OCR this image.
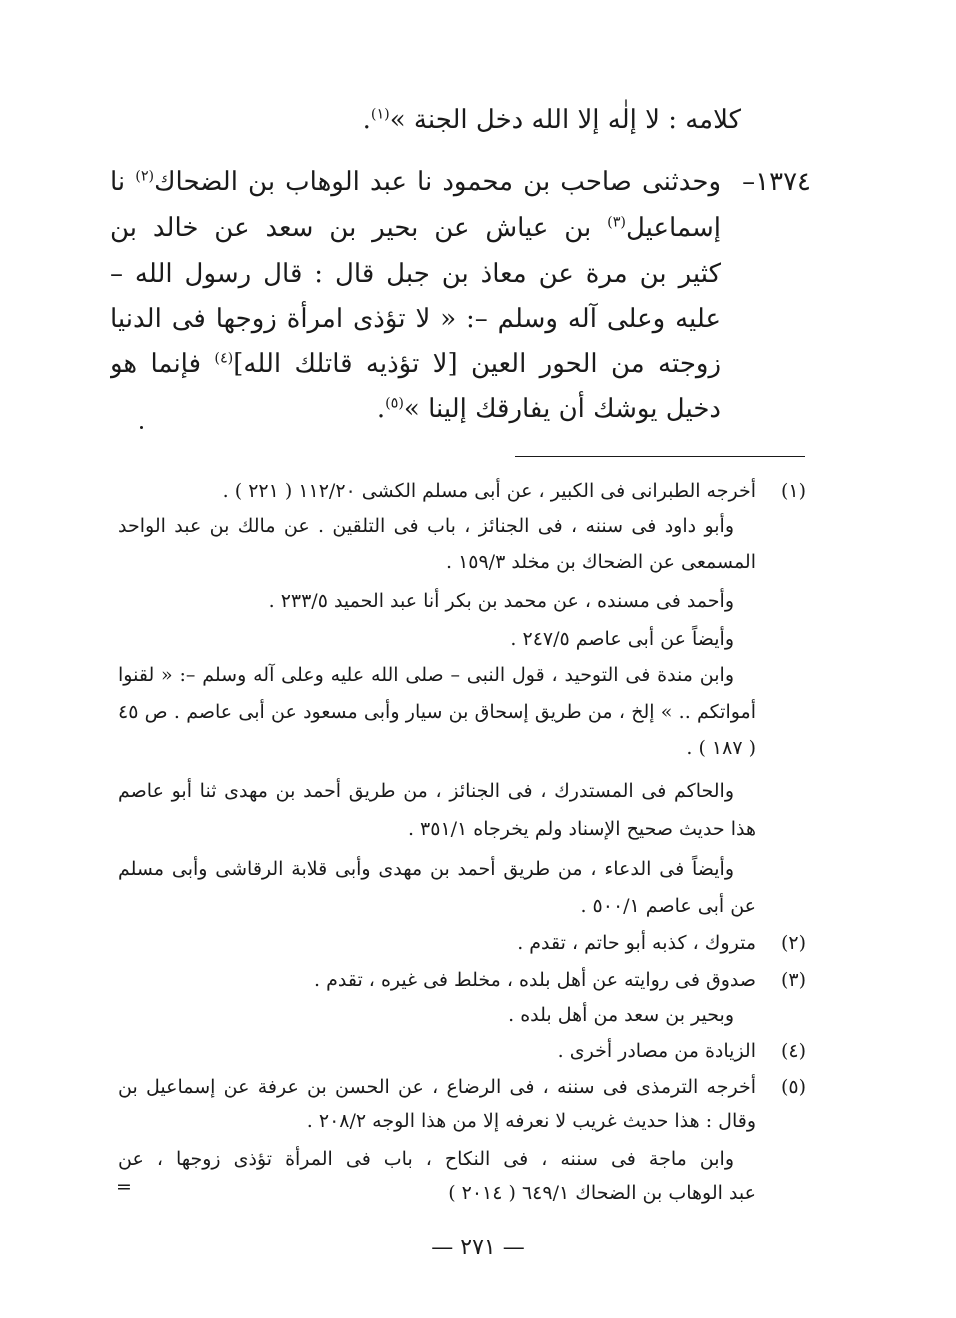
كلامه : لا إلٰه إلا الله دخل الجنة »$^{(١)}$.
١٣٧٤–
وحدثنى صاحب بن محمود نا عبد الوهاب بن الضحاك$^{(٢)}$ نا
إسماعيل$^{(٣)}$ بن عياش عن بحير بن سعد عن خالد بن
كثير بن مرة عن معاذ بن جبل قال : قال رسول الله –
عليه وعلى آله وسلم –: « لا تؤذى امرأة زوجها فى الدنيا
زوجته من الحور العين [لا تؤذيه قاتلك الله]$^{(٤)}$ فإنما هو
دخيل يوشك أن يفارقك إلينا »$^{(٥)}$.
(١)
أخرجه الطبرانى فى الكبير ، عن أبى مسلم الكشى ١١٢/٢٠ ( ٢٢١ ) .
وأبو داود فى سننه ، فى الجنائز ، باب فى التلقين . عن مالك بن عبد الواحد
المسمعى عن الضحاك بن مخلد ١٥٩/٣ .
وأحمد فى مسنده ، عن محمد بن بكر أنا عبد الحميد ٢٣٣/٥ .
وأيضاً عن أبى عاصم ٢٤٧/٥ .
وابن مندة فى التوحيد ، قول النبى – صلى الله عليه وعلى آله وسلم –: « لقنوا
أمواتكم .. » إلخ ، من طريق إسحاق بن سيار وأبى مسعود عن أبى عاصم . ص ٤٥
( ١٨٧ ) .
والحاكم فى المستدرك ، فى الجنائز ، من طريق أحمد بن مهدى ثنا أبو عاصم
هذا حديث صحيح الإسناد ولم يخرجاه ٣٥١/١ .
وأيضاً فى الدعاء ، من طريق أحمد بن مهدى وأبى قلابة الرقاشى وأبى مسلم
عن أبى عاصم ٥٠٠/١ .
(٢)
متروك ، كذبه أبو حاتم ، تقدم .
(٣)
صدوق فى روايته عن أهل بلده ، مخلط فى غيره ، تقدم .
وبحير بن سعد من أهل بلده .
(٤)
الزيادة من مصادر أخرى .
(٥)
أخرجه الترمذى فى سننه ، فى الرضاع ، عن الحسن بن عرفة عن إسماعيل بن
وقال : هذا حديث غريب لا نعرفه إلا من هذا الوجه ٢٠٨/٢ .
وابن ماجة فى سننه ، فى النكاح ، باب فى المرأة تؤذى زوجها ، عن
عبد الوهاب بن الضحاك ٦٤٩/١ ( ٢٠١٤ )
=
— ٢٧١ —
